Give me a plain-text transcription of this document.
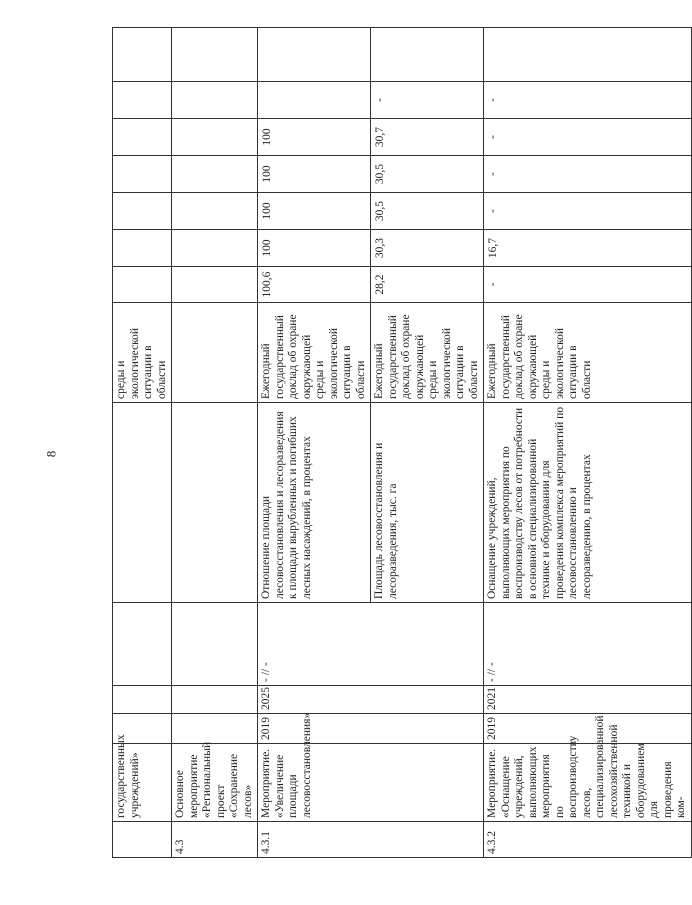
8
	государственных учреждений»					среды и экологической ситуации в области							
4.3	Основное мероприятие «Региональный проект «Сохранение лесов»												
4.3.1	Мероприятие. «Увеличение площади лесовосстановления»	2019	2025	- // -	Отношение площади лесовосстановления и лесоразведения к площади вырубленных и погибших лесных насаждений, в процентах	Ежегодный государственный доклад об охране окружающей среды и экологической ситуации в области	100,6	100	100	100	100		
					Площадь лесовосстановления и лесоразведения, тыс. га	Ежегодный государственный доклад об охране окружающей среды и экологической ситуации в области	28,2	30,3	30,5	30,5	30,7	-	
4.3.2	Мероприятие. «Оснащение учреждений, выполняющих мероприятия по воспроизводству лесов, специализированной лесохозяйственной техникой и оборудованием для проведения ком-	2019	2021	- // -	Оснащение учреждений, выполняющих мероприятия по воспроизводству лесов от потребности в основной специализированной технике и оборудовании для проведения комплекса мероприятий по лесовосстановлению и лесоразведению, в процентах	Ежегодный государственный доклад об охране окружающей среды и экологической ситуации в области	-	16,7	-	-	-	-	
